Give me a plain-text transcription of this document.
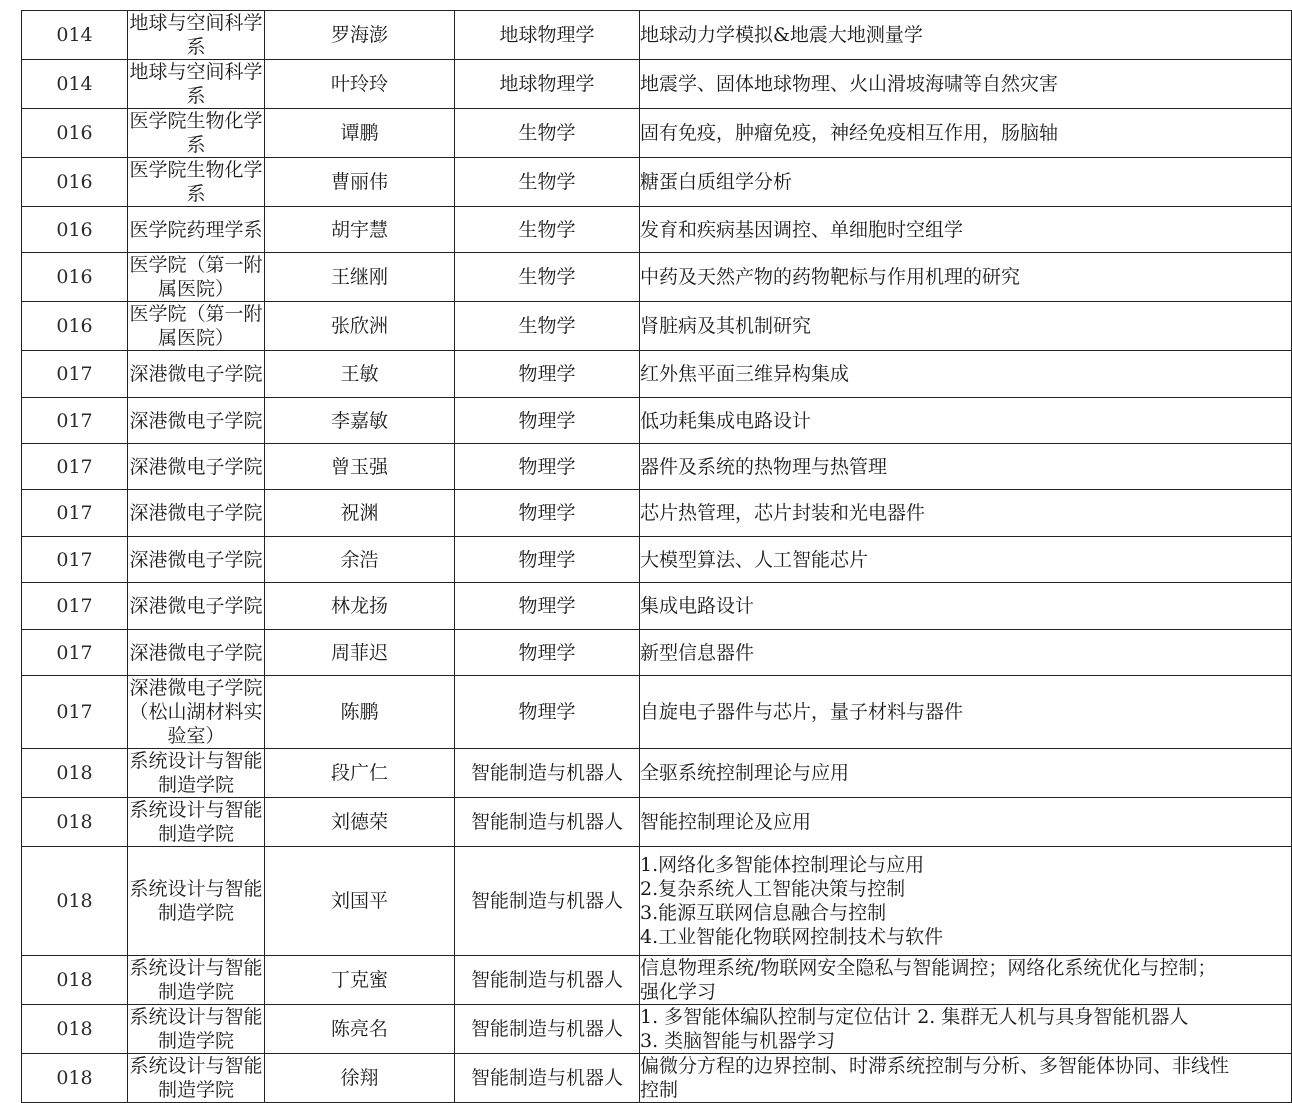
014	地球与空间科学系	罗海澎	地球物理学	地球动力学模拟&地震大地测量学

014	地球与空间科学系	叶玲玲	地球物理学	地震学、固体地球物理、火山滑坡海啸等自然灾害

016	医学院生物化学系	谭鹏	生物学	固有免疫，肿瘤免疫，神经免疫相互作用，肠脑轴

016	医学院生物化学系	曹丽伟	生物学	糖蛋白质组学分析

016	医学院药理学系	胡宇慧	生物学	发育和疾病基因调控、单细胞时空组学

016	医学院（第一附属医院）	王继刚	生物学	中药及天然产物的药物靶标与作用机理的研究

016	医学院（第一附属医院）	张欣洲	生物学	肾脏病及其机制研究

017	深港微电子学院	王敏	物理学	红外焦平面三维异构集成

017	深港微电子学院	李嘉敏	物理学	低功耗集成电路设计

017	深港微电子学院	曾玉强	物理学	器件及系统的热物理与热管理

017	深港微电子学院	祝渊	物理学	芯片热管理，芯片封装和光电器件

017	深港微电子学院	余浩	物理学	大模型算法、人工智能芯片

017	深港微电子学院	林龙扬	物理学	集成电路设计

017	深港微电子学院	周菲迟	物理学	新型信息器件

017	深港微电子学院（松山湖材料实验室）	陈鹏	物理学	自旋电子器件与芯片，量子材料与器件

018	系统设计与智能制造学院	段广仁	智能制造与机器人	全驱系统控制理论与应用

018	系统设计与智能制造学院	刘德荣	智能制造与机器人	智能控制理论及应用

018	系统设计与智能制造学院	刘国平	智能制造与机器人	1.网络化多智能体控制理论与应用
2.复杂系统人工智能决策与控制
3.能源互联网信息融合与控制
4.工业智能化物联网控制技术与软件

018	系统设计与智能制造学院	丁克蜜	智能制造与机器人	信息物理系统/物联网安全隐私与智能调控；网络化系统优化与控制；
强化学习

018	系统设计与智能制造学院	陈亮名	智能制造与机器人	1. 多智能体编队控制与定位估计 2. 集群无人机与具身智能机器人
3. 类脑智能与机器学习

018	系统设计与智能制造学院	徐翔	智能制造与机器人	偏微分方程的边界控制、时滞系统控制与分析、多智能体协同、非线性
控制
